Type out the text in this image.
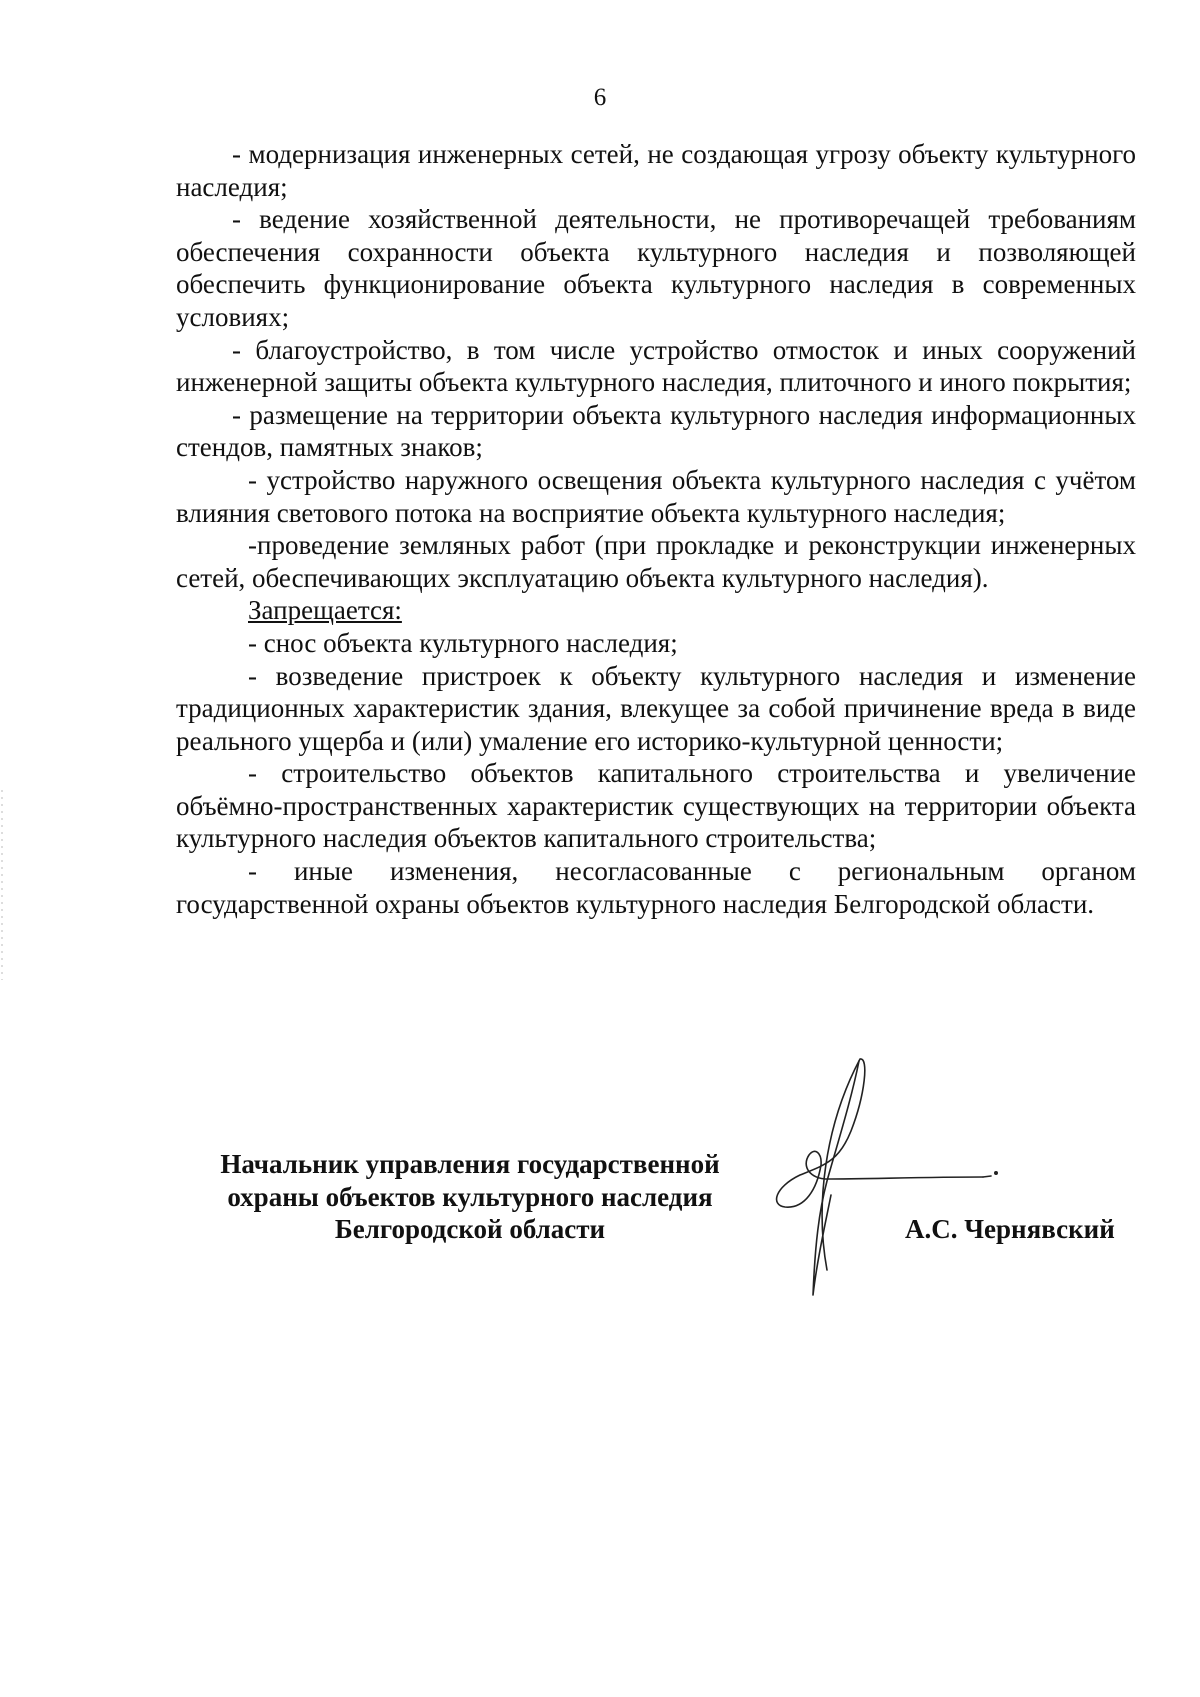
6

- модернизация инженерных сетей, не создающая угрозу объекту культурного наследия;

- ведение хозяйственной деятельности, не противоречащей требованиям обеспечения сохранности объекта культурного наследия и позволяющей обеспечить функционирование объекта культурного наследия в современных условиях;

- благоустройство, в том числе устройство отмосток и иных сооружений инженерной защиты объекта культурного наследия, плиточного и иного покрытия;

- размещение на территории объекта культурного наследия информационных стендов, памятных знаков;

- устройство наружного освещения объекта культурного наследия с учётом влияния светового потока на восприятие объекта культурного наследия;

-проведение земляных работ (при прокладке и реконструкции инженерных сетей, обеспечивающих эксплуатацию объекта культурного наследия).

Запрещается:

- снос объекта культурного наследия;

- возведение пристроек к объекту культурного наследия и изменение традиционных характеристик здания, влекущее за собой причинение вреда в виде реального ущерба и (или) умаление его историко-культурной ценности;

- строительство объектов капитального строительства и увеличение объёмно-пространственных характеристик существующих на территории объекта культурного наследия объектов капитального строительства;

- иные изменения, несогласованные с региональным органом государственной охраны объектов культурного наследия Белгородской области.

Начальник управления государственной
охраны объектов культурного наследия
Белгородской области	А.С. Чернявский
